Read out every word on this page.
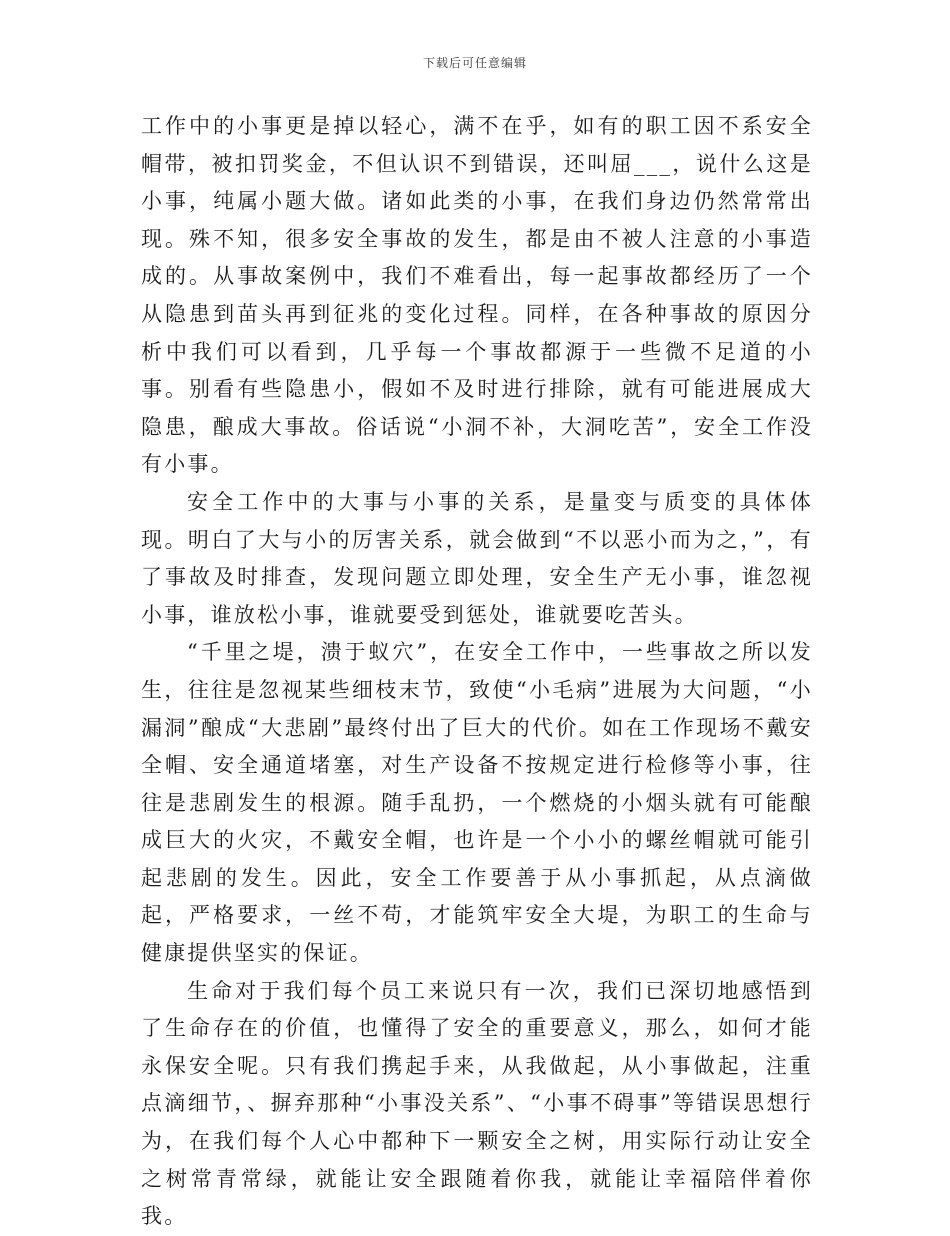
下载后可任意编辑

工作中的小事更是掉以轻心，满不在乎，如有的职工因不系安全帽带，被扣罚奖金，不但认识不到错误，还叫屈___，说什么这是小事，纯属小题大做。诸如此类的小事，在我们身边仍然常常出现。殊不知，很多安全事故的发生，都是由不被人注意的小事造成的。从事故案例中，我们不难看出，每一起事故都经历了一个从隐患到苗头再到征兆的变化过程。同样，在各种事故的原因分析中我们可以看到，几乎每一个事故都源于一些微不足道的小事。别看有些隐患小，假如不及时进行排除，就有可能进展成大隐患，酿成大事故。俗话说“小洞不补，大洞吃苦”，安全工作没有小事。

安全工作中的大事与小事的关系，是量变与质变的具体体现。明白了大与小的厉害关系，就会做到“不以恶小而为之，”，有了事故及时排查，发现问题立即处理，安全生产无小事，谁忽视小事，谁放松小事，谁就要受到惩处，谁就要吃苦头。

“千里之堤，溃于蚁穴”，在安全工作中，一些事故之所以发生，往往是忽视某些细枝末节，致使“小毛病”进展为大问题，“小漏洞”酿成“大悲剧”最终付出了巨大的代价。如在工作现场不戴安全帽、安全通道堵塞，对生产设备不按规定进行检修等小事，往往是悲剧发生的根源。随手乱扔，一个燃烧的小烟头就有可能酿成巨大的火灾，不戴安全帽，也许是一个小小的螺丝帽就可能引起悲剧的发生。因此，安全工作要善于从小事抓起，从点滴做起，严格要求，一丝不苟，才能筑牢安全大堤，为职工的生命与健康提供坚实的保证。

生命对于我们每个员工来说只有一次，我们已深切地感悟到了生命存在的价值，也懂得了安全的重要意义，那么，如何才能永保安全呢。只有我们携起手来，从我做起，从小事做起，注重点滴细节，、摒弃那种“小事没关系”、“小事不碍事”等错误思想行为，在我们每个人心中都种下一颗安全之树，用实际行动让安全之树常青常绿，就能让安全跟随着你我，就能让幸福陪伴着你我。
